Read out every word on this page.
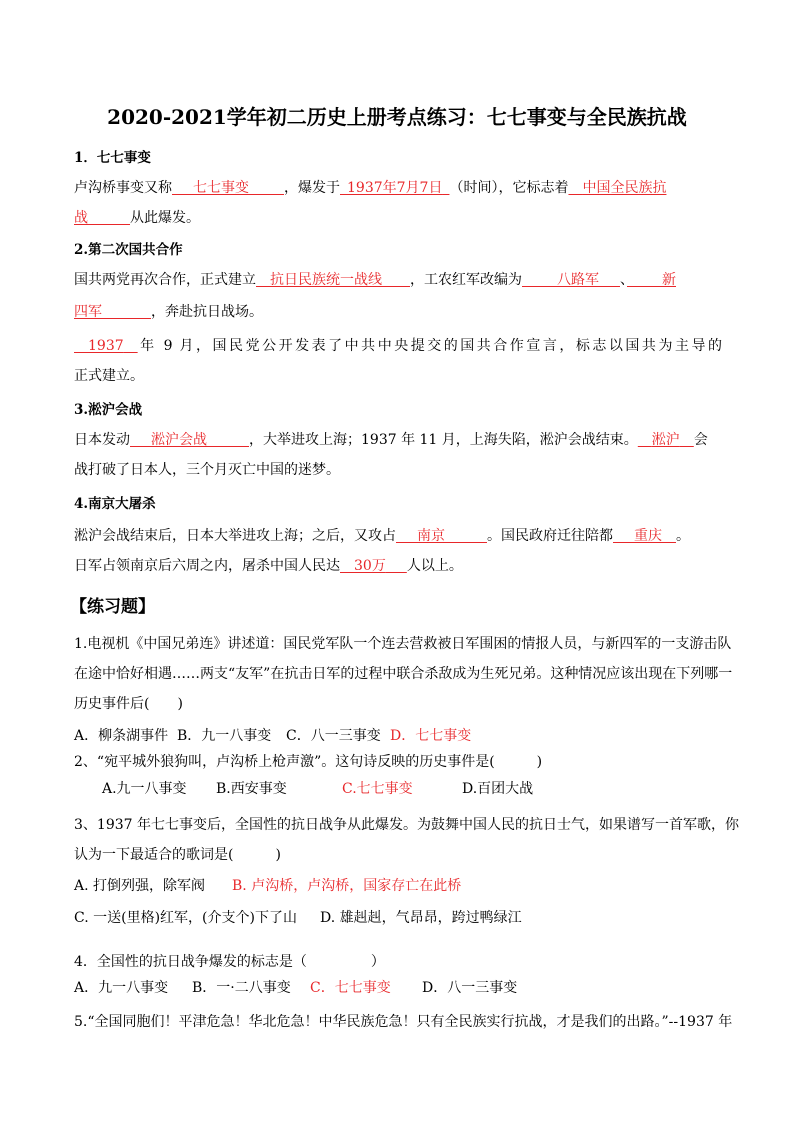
2020-2021学年初二历史上册考点练习：七七事变与全民族抗战
1．七七事变
卢沟桥事变又称　  七七事变　　 	，爆发于  1937年7月7日  （时间），它标志着   中国全民族抗
战　　　	从此爆发。
2.第二次国共合作
国共两党再次合作，正式建立   抗日民族统一战线　　 ，工农红军改编为　　 	八路军　  、　　 	新
四军　　　 	，奔赴抗日战场。
  1937   年 9 月，国民党公开发表了中共中央提交的国共合作宣言，标志以国共为主导的
正式建立。
3.淞沪会战
日本发动　  淞沪会战　　　	，大举进攻上海；1937 年 11 月，上海失陷，淞沪会战结束。   淞沪   会
战打破了日本人，三个月灭亡中国的迷梦。
4.南京大屠杀
淞沪会战结束后，日本大举进攻上海；之后，又攻占　  南京　　　	。国民政府迁往陪都　  重庆   。
日军占领南京后六周之内，屠杀中国人民达   30万　  人以上。
【练习题】
1.电视机《中国兄弟连》讲述道：国民党军队一个连去营救被日军围困的情报人员，与新四军的一支游击队
在途中恰好相遇……两支“友军”在抗击日军的过程中联合杀敌成为生死兄弟。这种情况应该出现在下列哪一
历史事件后(　　)
A．柳条湖事件 B．九一八事变 C．八一三事变 D．七七事变
2、“宛平城外狼狗叫，卢沟桥上枪声激”。这句诗反映的历史事件是(　　　)
A.九一八事变 B.西安事变	C.七七事变	D.百团大战
3、1937 年七七事变后，全国性的抗日战争从此爆发。为鼓舞中国人民的抗日士气，如果谱写一首军歌，你
认为一下最适合的歌词是(　　　)
A. 打倒列强，除军阀 B. 卢沟桥，卢沟桥，国家存亡在此桥
C. 一送(里格)红军，(介支个)下了山 D. 雄赳赳，气昂昂，跨过鸭绿江
4．全国性的抗日战争爆发的标志是（	）
A．九一八事变 B．一·二八事变 C．七七事变 D．八一三事变
5.“全国同胞们！平津危急！华北危急！中华民族危急！只有全民族实行抗战，才是我们的出路。”--1937 年
